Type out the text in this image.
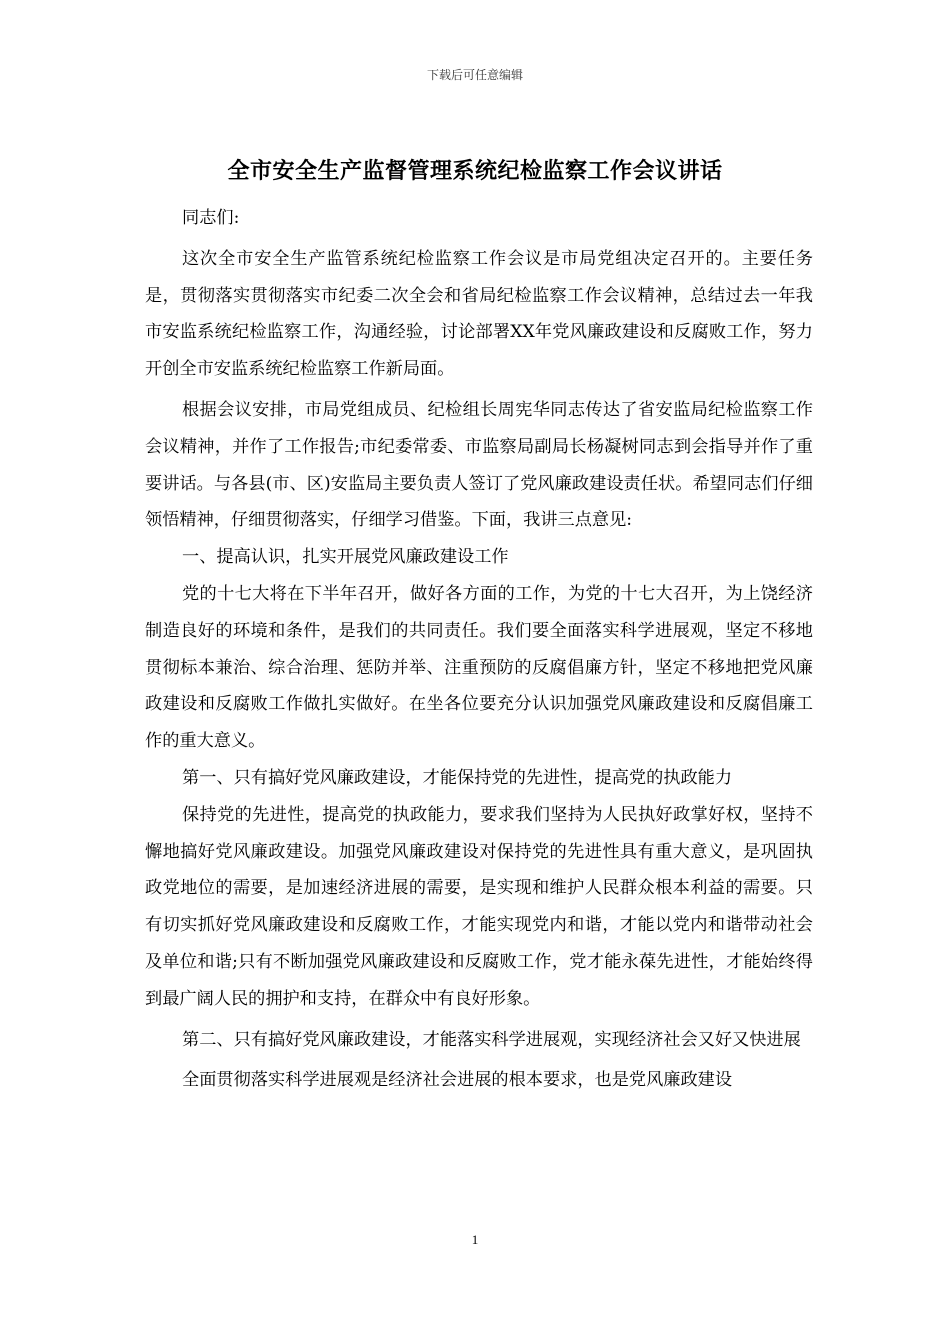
下载后可任意编辑
全市安全生产监督管理系统纪检监察工作会议讲话

同志们:

这次全市安全生产监管系统纪检监察工作会议是市局党组决定召开的。主要任务是，贯彻落实贯彻落实市纪委二次全会和省局纪检监察工作会议精神，总结过去一年我市安监系统纪检监察工作，沟通经验，讨论部署XX年党风廉政建设和反腐败工作，努力开创全市安监系统纪检监察工作新局面。

根据会议安排，市局党组成员、纪检组长周宪华同志传达了省安监局纪检监察工作会议精神，并作了工作报告;市纪委常委、市监察局副局长杨凝树同志到会指导并作了重要讲话。与各县(市、区)安监局主要负责人签订了党风廉政建设责任状。希望同志们仔细领悟精神，仔细贯彻落实，仔细学习借鉴。下面，我讲三点意见:

一、提高认识，扎实开展党风廉政建设工作

党的十七大将在下半年召开，做好各方面的工作，为党的十七大召开，为上饶经济制造良好的环境和条件，是我们的共同责任。我们要全面落实科学进展观，坚定不移地贯彻标本兼治、综合治理、惩防并举、注重预防的反腐倡廉方针，坚定不移地把党风廉政建设和反腐败工作做扎实做好。在坐各位要充分认识加强党风廉政建设和反腐倡廉工作的重大意义。

第一、只有搞好党风廉政建设，才能保持党的先进性，提高党的执政能力

保持党的先进性，提高党的执政能力，要求我们坚持为人民执好政掌好权，坚持不懈地搞好党风廉政建设。加强党风廉政建设对保持党的先进性具有重大意义，是巩固执政党地位的需要，是加速经济进展的需要，是实现和维护人民群众根本利益的需要。只有切实抓好党风廉政建设和反腐败工作，才能实现党内和谐，才能以党内和谐带动社会及单位和谐;只有不断加强党风廉政建设和反腐败工作，党才能永葆先进性，才能始终得到最广阔人民的拥护和支持，在群众中有良好形象。

第二、只有搞好党风廉政建设，才能落实科学进展观，实现经济社会又好又快进展

全面贯彻落实科学进展观是经济社会进展的根本要求，也是党风廉政建设

1
